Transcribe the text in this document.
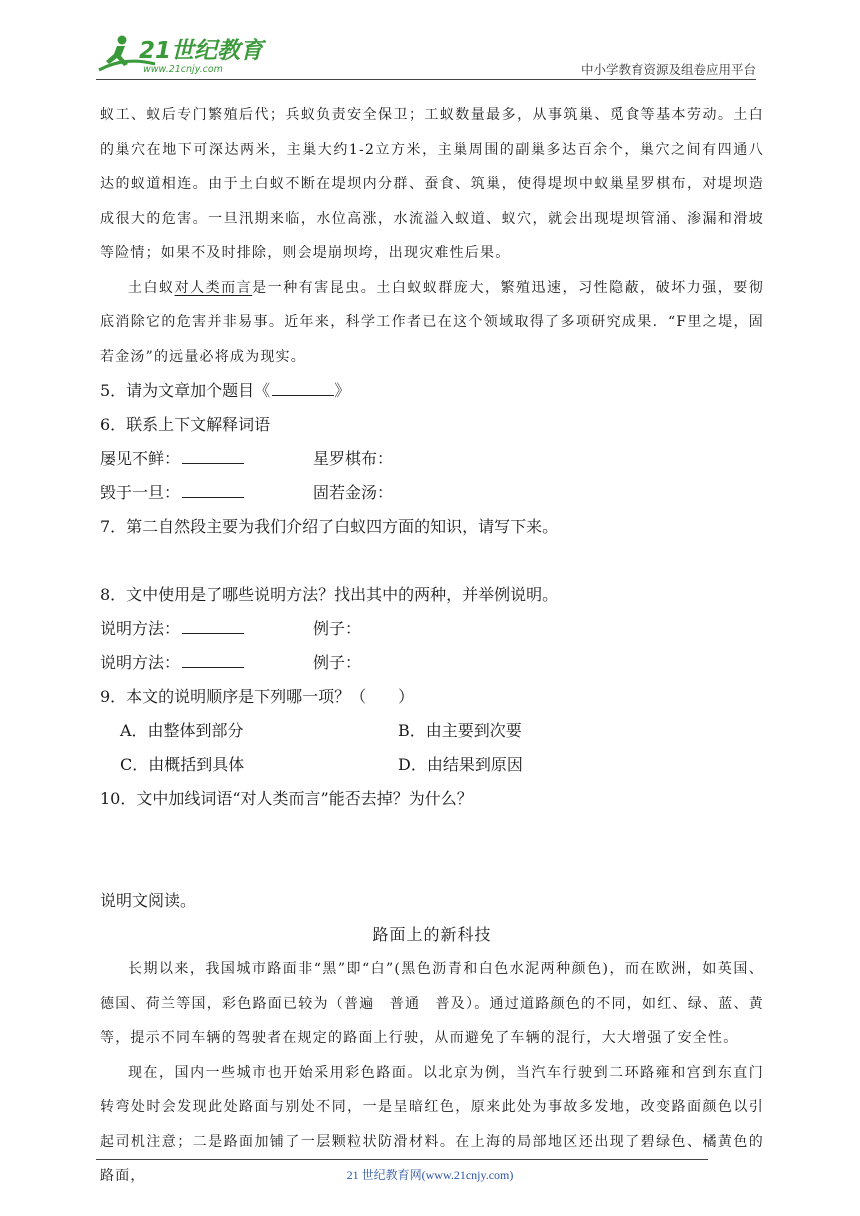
21世纪教育
www.21cnjy.com	中小学教育资源及组卷应用平台

蚁工、蚁后专门繁殖后代；兵蚁负责安全保卫；工蚁数量最多，从事筑巢、觅食等基本劳动。土白的巢穴在地下可深达两米，主巢大约1-2立方米，主巢周围的副巢多达百余个，巢穴之间有四通八达的蚁道相连。由于土白蚁不断在堤坝内分群、蚕食、筑巢，使得堤坝中蚁巢星罗棋布，对堤坝造成很大的危害。一旦汛期来临，水位高涨，水流溢入蚁道、蚁穴，就会出现堤坝管涌、渗漏和滑坡等险情；如果不及时排除，则会堤崩坝垮，出现灾难性后果。

土白蚁对人类而言是一种有害昆虫。土白蚁蚁群庞大，繁殖迅速，习性隐蔽，破坏力强，要彻底消除它的危害并非易事。近年来，科学工作者已在这个领域取得了多项研究成果．“F里之堤，固若金汤”的远量必将成为现实。

5．请为文章加个题目《	》
6．联系上下文解释词语
屡见不鲜：	星罗棋布：
毁于一旦：	固若金汤：
7．第二自然段主要为我们介绍了白蚁四方面的知识，请写下来。
8．文中使用是了哪些说明方法？找出其中的两种，并举例说明。
说明方法：	例子：
说明方法：	例子：
9．本文的说明顺序是下列哪一项？（　　）
A．由整体到部分	B．由主要到次要
C．由概括到具体	D．由结果到原因
10．文中加线词语“对人类而言”能否去掉？为什么？
说明文阅读。
路面上的新科技

长期以来，我国城市路面非“黑”即“白”(黑色沥青和白色水泥两种颜色)，而在欧洲，如英国、德国、荷兰等国，彩色路面已较为（普遍　普通　普及）。通过道路颜色的不同，如红、绿、蓝、黄等，提示不同车辆的驾驶者在规定的路面上行驶，从而避免了车辆的混行，大大增强了安全性。

现在，国内一些城市也开始采用彩色路面。以北京为例，当汽车行驶到二环路雍和宫到东直门转弯处时会发现此处路面与别处不同，一是呈暗红色，原来此处为事故多发地，改变路面颜色以引起司机注意；二是路面加铺了一层颗粒状防滑材料。在上海的局部地区还出现了碧绿色、橘黄色的路面，	21 世纪教育网(www.21cnjy.com)
